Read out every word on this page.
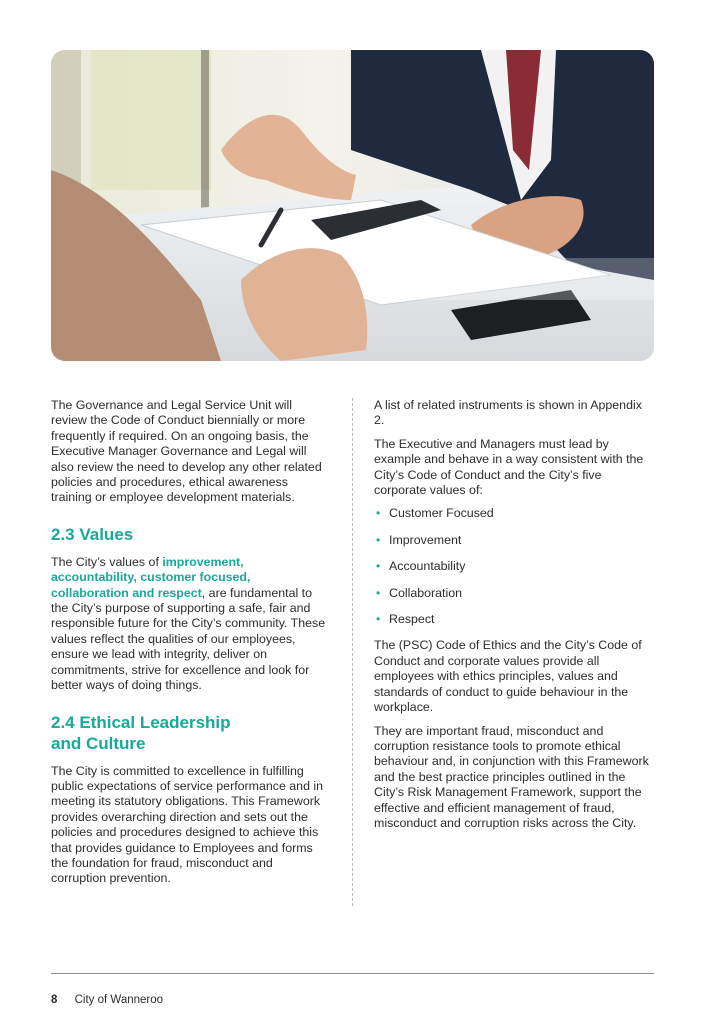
iStock
Credit: ijeab

The Governance and Legal Service Unit will review the Code of Conduct biennially or more frequently if required. On an ongoing basis, the Executive Manager Governance and Legal will also review the need to develop any other related policies and procedures, ethical awareness training or employee development materials.

2.3 Values

The City’s values of improvement, accountability, customer focused, collaboration and respect, are fundamental to the City’s purpose of supporting a safe, fair and responsible future for the City’s community. These values reflect the qualities of our employees, ensure we lead with integrity, deliver on commitments, strive for excellence and look for better ways of doing things.

2.4 Ethical Leadership
and Culture

The City is committed to excellence in fulfilling public expectations of service performance and in meeting its statutory obligations. This Framework provides overarching direction and sets out the policies and procedures designed to achieve this that provides guidance to Employees and forms the foundation for fraud, misconduct and corruption prevention.

A list of related instruments is shown in Appendix 2.

The Executive and Managers must lead by example and behave in a way consistent with the City’s Code of Conduct and the City’s five corporate values of:

• Customer Focused
• Improvement
• Accountability
• Collaboration
• Respect

The (PSC) Code of Ethics and the City’s Code of Conduct and corporate values provide all employees with ethics principles, values and standards of conduct to guide behaviour in the workplace.

They are important fraud, misconduct and corruption resistance tools to promote ethical behaviour and, in conjunction with this Framework and the best practice principles outlined in the City’s Risk Management Framework, support the effective and efficient management of fraud, misconduct and corruption risks across the City.

8 City of Wanneroo
